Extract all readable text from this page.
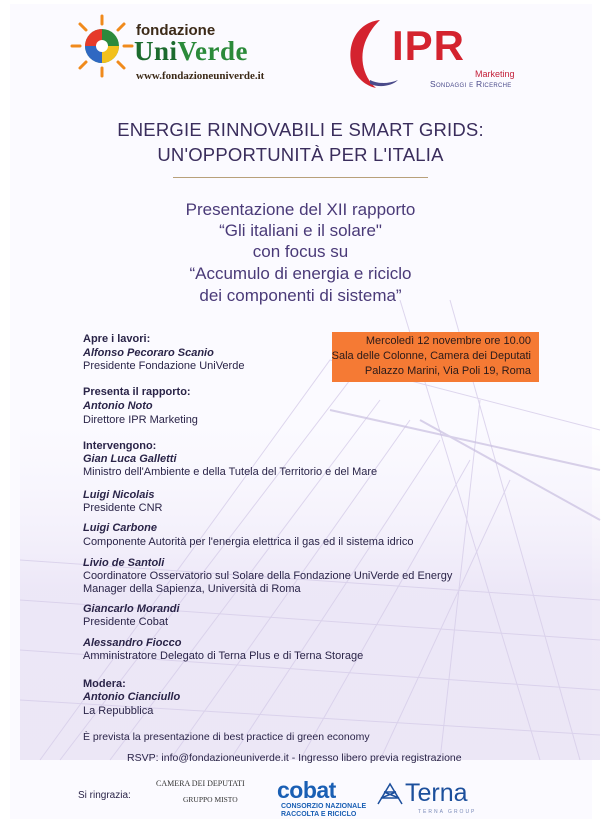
fondazione
UniVerde
www.fondazioneuniverde.it
IPR
Marketing
Sondaggi e Ricerche
ENERGIE RINNOVABILI E SMART GRIDS:
UN'OPPORTUNITÀ PER L'ITALIA
Presentazione del XII rapporto
“Gli italiani e il solare"
con focus su
“Accumulo di energia e riciclo
dei componenti di sistema”
Mercoledì 12 novembre ore 10.00
Sala delle Colonne, Camera dei Deputati
Palazzo Marini, Via Poli 19, Roma
Apre i lavori:
Alfonso Pecoraro Scanio
Presidente Fondazione UniVerde
Presenta il rapporto:
Antonio Noto
Direttore IPR Marketing
Intervengono:
Gian Luca Galletti
Ministro dell'Ambiente e della Tutela del Territorio e del Mare
Luigi Nicolais
Presidente CNR
Luigi Carbone
Componente Autorità per l'energia elettrica il gas ed il sistema idrico
Livio de Santoli
Coordinatore Osservatorio sul Solare della Fondazione UniVerde ed Energy
Manager della Sapienza, Università di Roma
Giancarlo Morandi
Presidente Cobat
Alessandro Fiocco
Amministratore Delegato di Terna Plus e di Terna Storage
Modera:
Antonio Cianciullo
La Repubblica
È prevista la presentazione di best practice di green economy
RSVP: info@fondazioneuniverde.it - Ingresso libero previa registrazione
Si ringrazia:
CAMERA DEI DEPUTATI
GRUPPO MISTO cobat
CONSORZIO NAZIONALE
RACCOLTA E RICICLO
Terna
TERNA GROUP
